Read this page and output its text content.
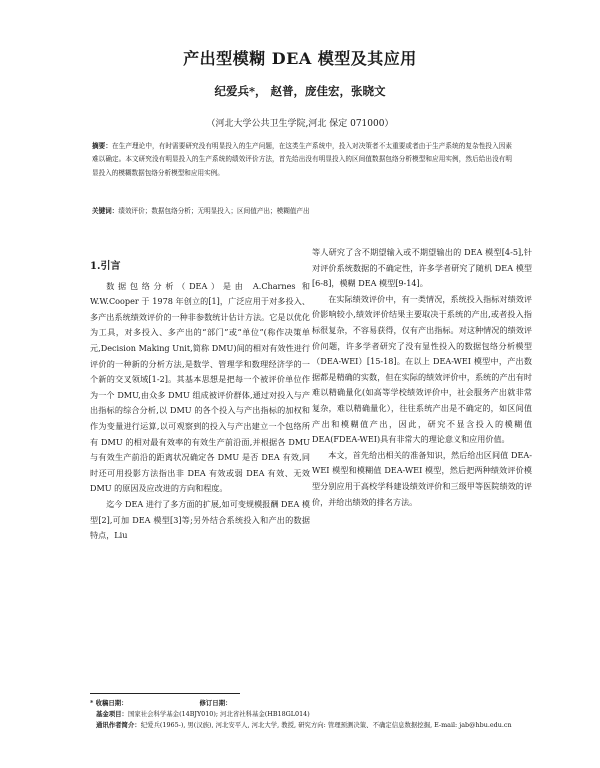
产出型模糊 DEA 模型及其应用
纪爱兵*， 赵普，庞佳宏，张晓文
（河北大学公共卫生学院,河北 保定 071000）
摘要：在生产理论中，有时需要研究没有明显投入的生产问题，在这类生产系统中，投入对决策者不太重要或者由于生产系统的复杂性投入因素难以确定。本文研究没有明显投入的生产系统的绩效评价方法，首先给出没有明显投入的区间值数据包络分析模型和应用实例，然后给出没有明显投入的模糊数据包络分析模型和应用实例。
关键词：绩效评价；数据包络分析；无明显投入；区间值产出；模糊值产出
1.引言

数据包络分析（DEA）是由 A.Charnes 和 W.W.Cooper 于 1978 年创立的[1]，广泛应用于对多投入、多产出系统绩效评价的一种非参数统计估计方法。它是以优化为工具，对多投入、多产出的“部门”或“单位”(称作决策单元,Decision Making Unit,简称 DMU)间的相对有效性进行评价的一种新的分析方法,是数学、管理学和数理经济学的一个新的交叉领域[1-2]。其基本思想是把每一个被评价单位作为一个 DMU,由众多 DMU 组成被评价群体,通过对投入与产出指标的综合分析,以 DMU 的各个投入与产出指标的加权和作为变量进行运算,以可观察到的投入与产出建立一个包络所有 DMU 的相对最有效率的有效生产前沿面,并根据各 DMU 与有效生产前沿的距离状况确定各 DMU 是否 DEA 有效,同时还可用投影方法指出非 DEA 有效或弱 DEA 有效、无效 DMU 的原因及应改进的方向和程度。

迄今 DEA 进行了多方面的扩展,如可变规模报酬 DEA 模型[2],可加 DEA 模型[3]等;另外结合系统投入和产出的数据特点，Liu

等人研究了含不期望输入或不期望输出的 DEA 模型[4-5],针对评价系统数据的不确定性，许多学者研究了随机 DEA 模型[6-8]，模糊 DEA 模型[9-14]。

在实际绩效评价中，有一类情况，系统投入指标对绩效评价影响较小,绩效评价结果主要取决于系统的产出,或者投入指标很复杂，不容易获得，仅有产出指标。对这种情况的绩效评价问题，许多学者研究了没有显性投入的数据包络分析模型（DEA-WEI）[15-18]。在以上 DEA-WEI 模型中，产出数据都是精确的实数，但在实际的绩效评价中，系统的产出有时难以精确量化(如高等学校绩效评价中，社会服务产出就非常复杂，难以精确量化），往往系统产出是不确定的，如区间值产出和模糊值产出，因此，研究不显含投入的模糊值 DEA(FDEA-WEI)具有非常大的理论意义和应用价值。

本文，首先给出相关的准备知识，然后给出区间值 DEA-WEI 模型和模糊值 DEA-WEI 模型，然后把两种绩效评价模型分别应用于高校学科建设绩效评价和三级甲等医院绩效的评价，并给出绩效的排名方法。

* 收稿日期：	修订日期：
基金项目：国家社会科学基金(14BJY010); 河北省社科基金(HB18GL014)
通讯作者简介：纪爱兵(1965-), 男(汉族), 河北安平人, 河北大学, 教授, 研究方向: 管理预测决策、不确定信息数据挖掘, E-mail: jab@hbu.edu.cn
